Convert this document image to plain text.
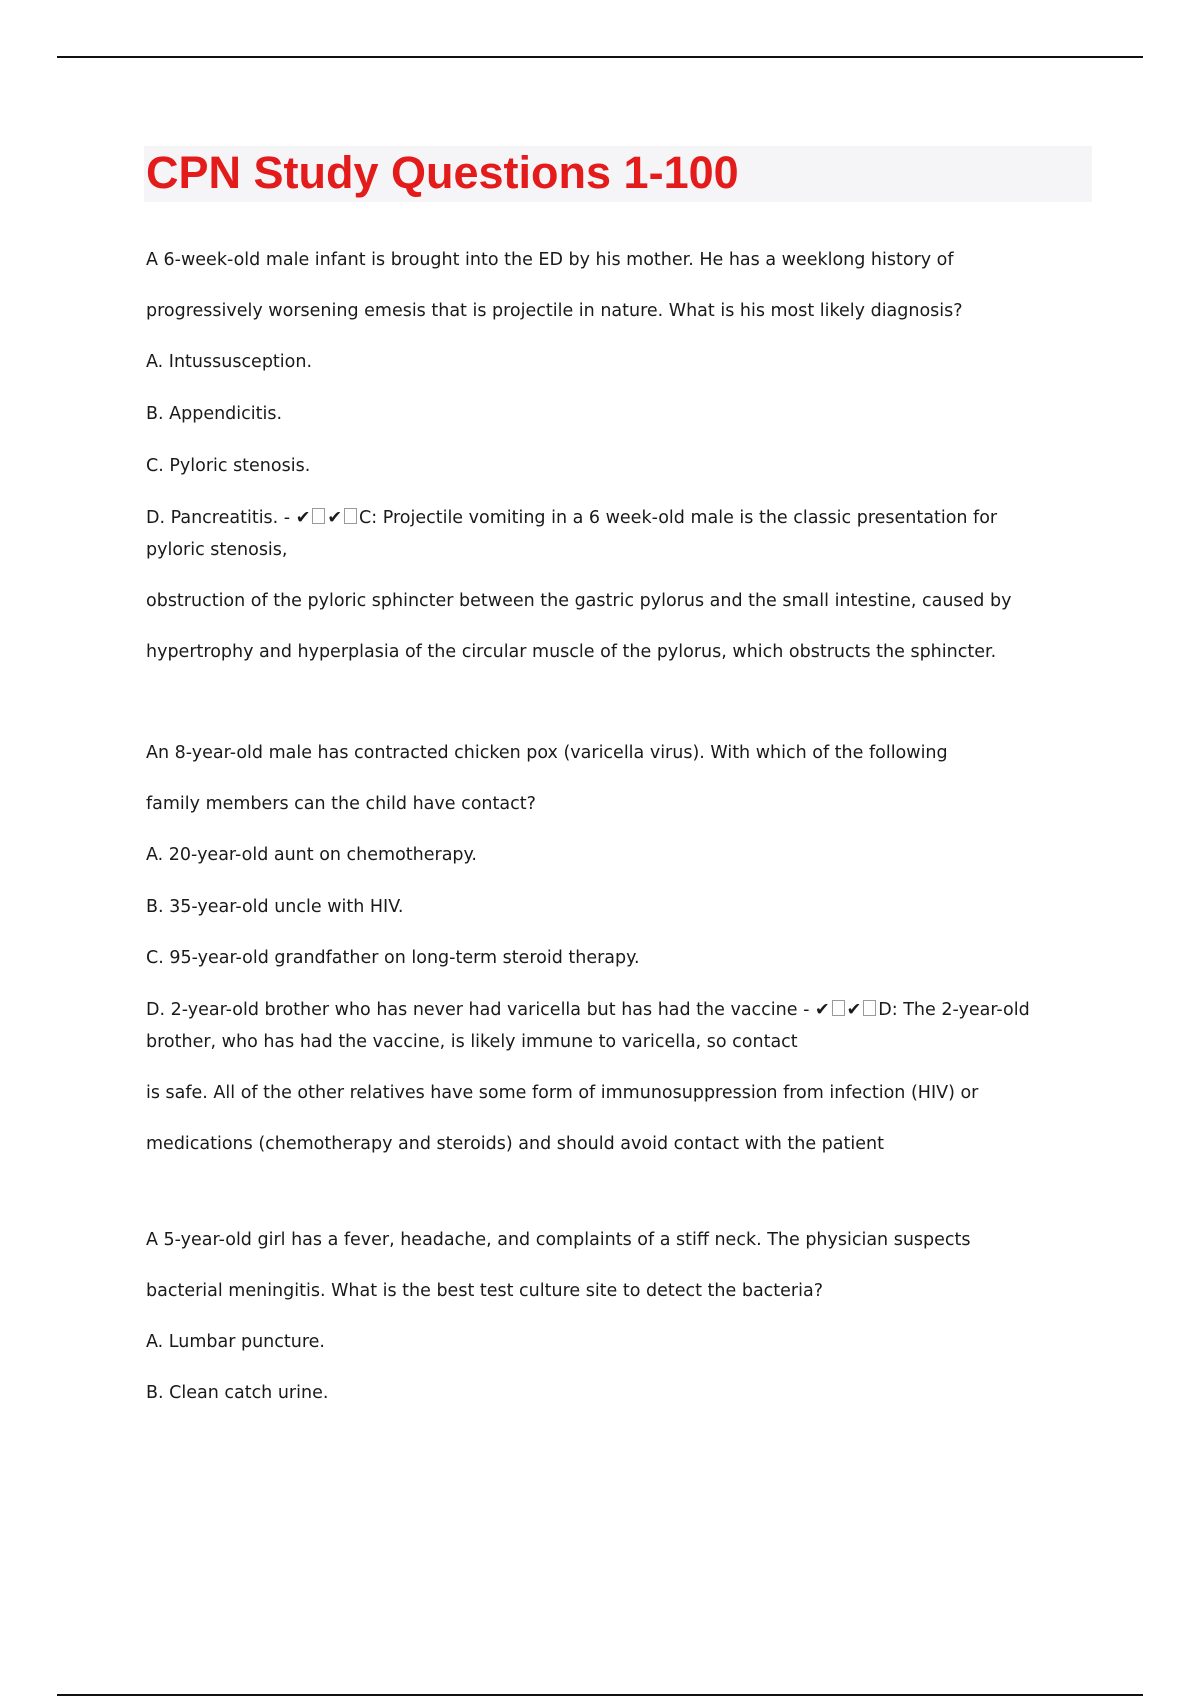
CPN Study Questions 1-100
A 6-week-old male infant is brought into the ED by his mother. He has a weeklong history of
progressively worsening emesis that is projectile in nature. What is his most likely diagnosis?
A. Intussusception.
B. Appendicitis.
C. Pyloric stenosis.
D. Pancreatitis. - ✔ ✔ C: Projectile vomiting in a 6 week-old male is the classic presentation for
pyloric stenosis,
obstruction of the pyloric sphincter between the gastric pylorus and the small intestine, caused by
hypertrophy and hyperplasia of the circular muscle of the pylorus, which obstructs the sphincter.
An 8-year-old male has contracted chicken pox (varicella virus). With which of the following
family members can the child have contact?
A. 20-year-old aunt on chemotherapy.
B. 35-year-old uncle with HIV.
C. 95-year-old grandfather on long-term steroid therapy.
D. 2-year-old brother who has never had varicella but has had the vaccine - ✔ ✔ D: The 2-year-old
brother, who has had the vaccine, is likely immune to varicella, so contact
is safe. All of the other relatives have some form of immunosuppression from infection (HIV) or
medications (chemotherapy and steroids) and should avoid contact with the patient
A 5-year-old girl has a fever, headache, and complaints of a stiff neck. The physician suspects
bacterial meningitis. What is the best test culture site to detect the bacteria?
A. Lumbar puncture.
B. Clean catch urine.
